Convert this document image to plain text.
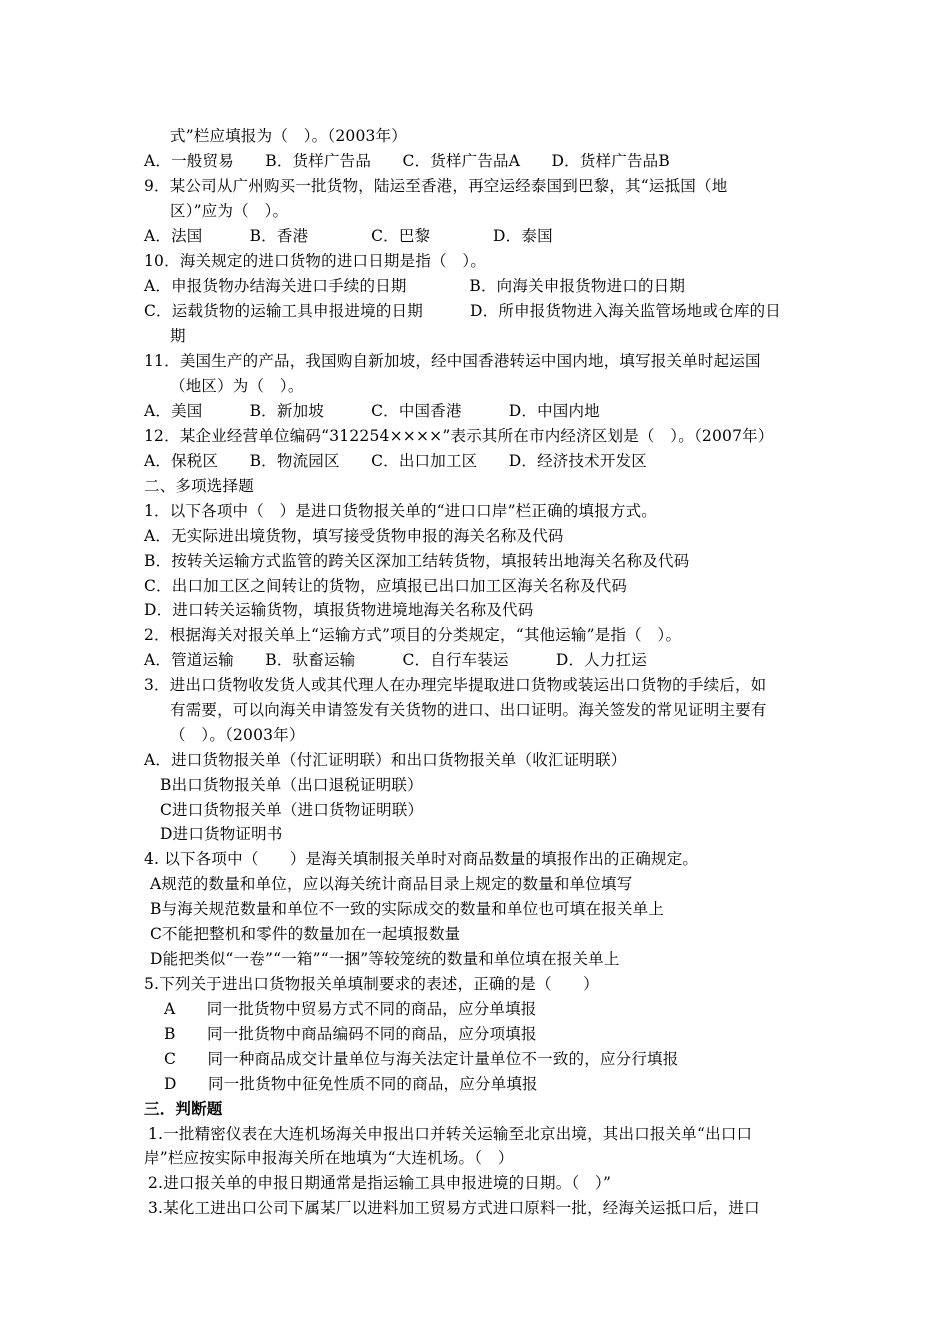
式”栏应填报为（　）。（2003年）
A．一般贸易　　B．货样广告品　　C．货样广告品A　　D．货样广告品B
9．某公司从广州购买一批货物，陆运至香港，再空运经泰国到巴黎，其“运抵国（地
区）”应为（　）。
A．法国　　　B．香港　　　　C．巴黎　　　　D．泰国
10．海关规定的进口货物的进口日期是指（　）。
A．申报货物办结海关进口手续的日期　　　　B．向海关申报货物进口的日期
C．运载货物的运输工具申报进境的日期　　　D．所申报货物进入海关监管场地或仓库的日
期
11．美国生产的产品，我国购自新加坡，经中国香港转运中国内地，填写报关单时起运国
（地区）为（　）。
A．美国　　　B．新加坡　　　C．中国香港　　　D．中国内地
12．某企业经营单位编码“312254××××”表示其所在市内经济区划是（　）。（2007年）
A．保税区　　B．物流园区　　C．出口加工区　　D．经济技术开发区
二、多项选择题
1．以下各项中（　）是进口货物报关单的“进口口岸”栏正确的填报方式。
A．无实际进出境货物，填写接受货物申报的海关名称及代码
B．按转关运输方式监管的跨关区深加工结转货物，填报转出地海关名称及代码
C．出口加工区之间转让的货物，应填报已出口加工区海关名称及代码
D．进口转关运输货物，填报货物进境地海关名称及代码
2．根据海关对报关单上“运输方式”项目的分类规定，“其他运输”是指（　）。
A．管道运输　　B．驮畜运输　　　C．自行车装运　　　D．人力扛运
3．进出口货物收发货人或其代理人在办理完毕提取进口货物或装运出口货物的手续后，如
有需要，可以向海关申请签发有关货物的进口、出口证明。海关签发的常见证明主要有
（　）。（2003年）
A．进口货物报关单（付汇证明联）和出口货物报关单（收汇证明联）
B出口货物报关单（出口退税证明联）
C进口货物报关单（进口货物证明联）
D进口货物证明书
4. 以下各项中（　　）是海关填制报关单时对商品数量的填报作出的正确规定。
A规范的数量和单位，应以海关统计商品目录上规定的数量和单位填写
B与海关规范数量和单位不一致的实际成交的数量和单位也可填在报关单上
C不能把整机和零件的数量加在一起填报数量
D能把类似“一卷”“一箱”“一捆”等较笼统的数量和单位填在报关单上
5.下列关于进出口货物报关单填制要求的表述，正确的是（　　）
A　　同一批货物中贸易方式不同的商品，应分单填报
B　　同一批货物中商品编码不同的商品，应分项填报
C　　同一种商品成交计量单位与海关法定计量单位不一致的，应分行填报
D　　同一批货物中征免性质不同的商品，应分单填报
三．判断题
1.一批精密仪表在大连机场海关申报出口并转关运输至北京出境，其出口报关单“出口口
岸”栏应按实际申报海关所在地填为“大连机场。（　）
2.进口报关单的申报日期通常是指运输工具申报进境的日期。（　）”
3.某化工进出口公司下属某厂以进料加工贸易方式进口原料一批，经海关运抵口后，进口
